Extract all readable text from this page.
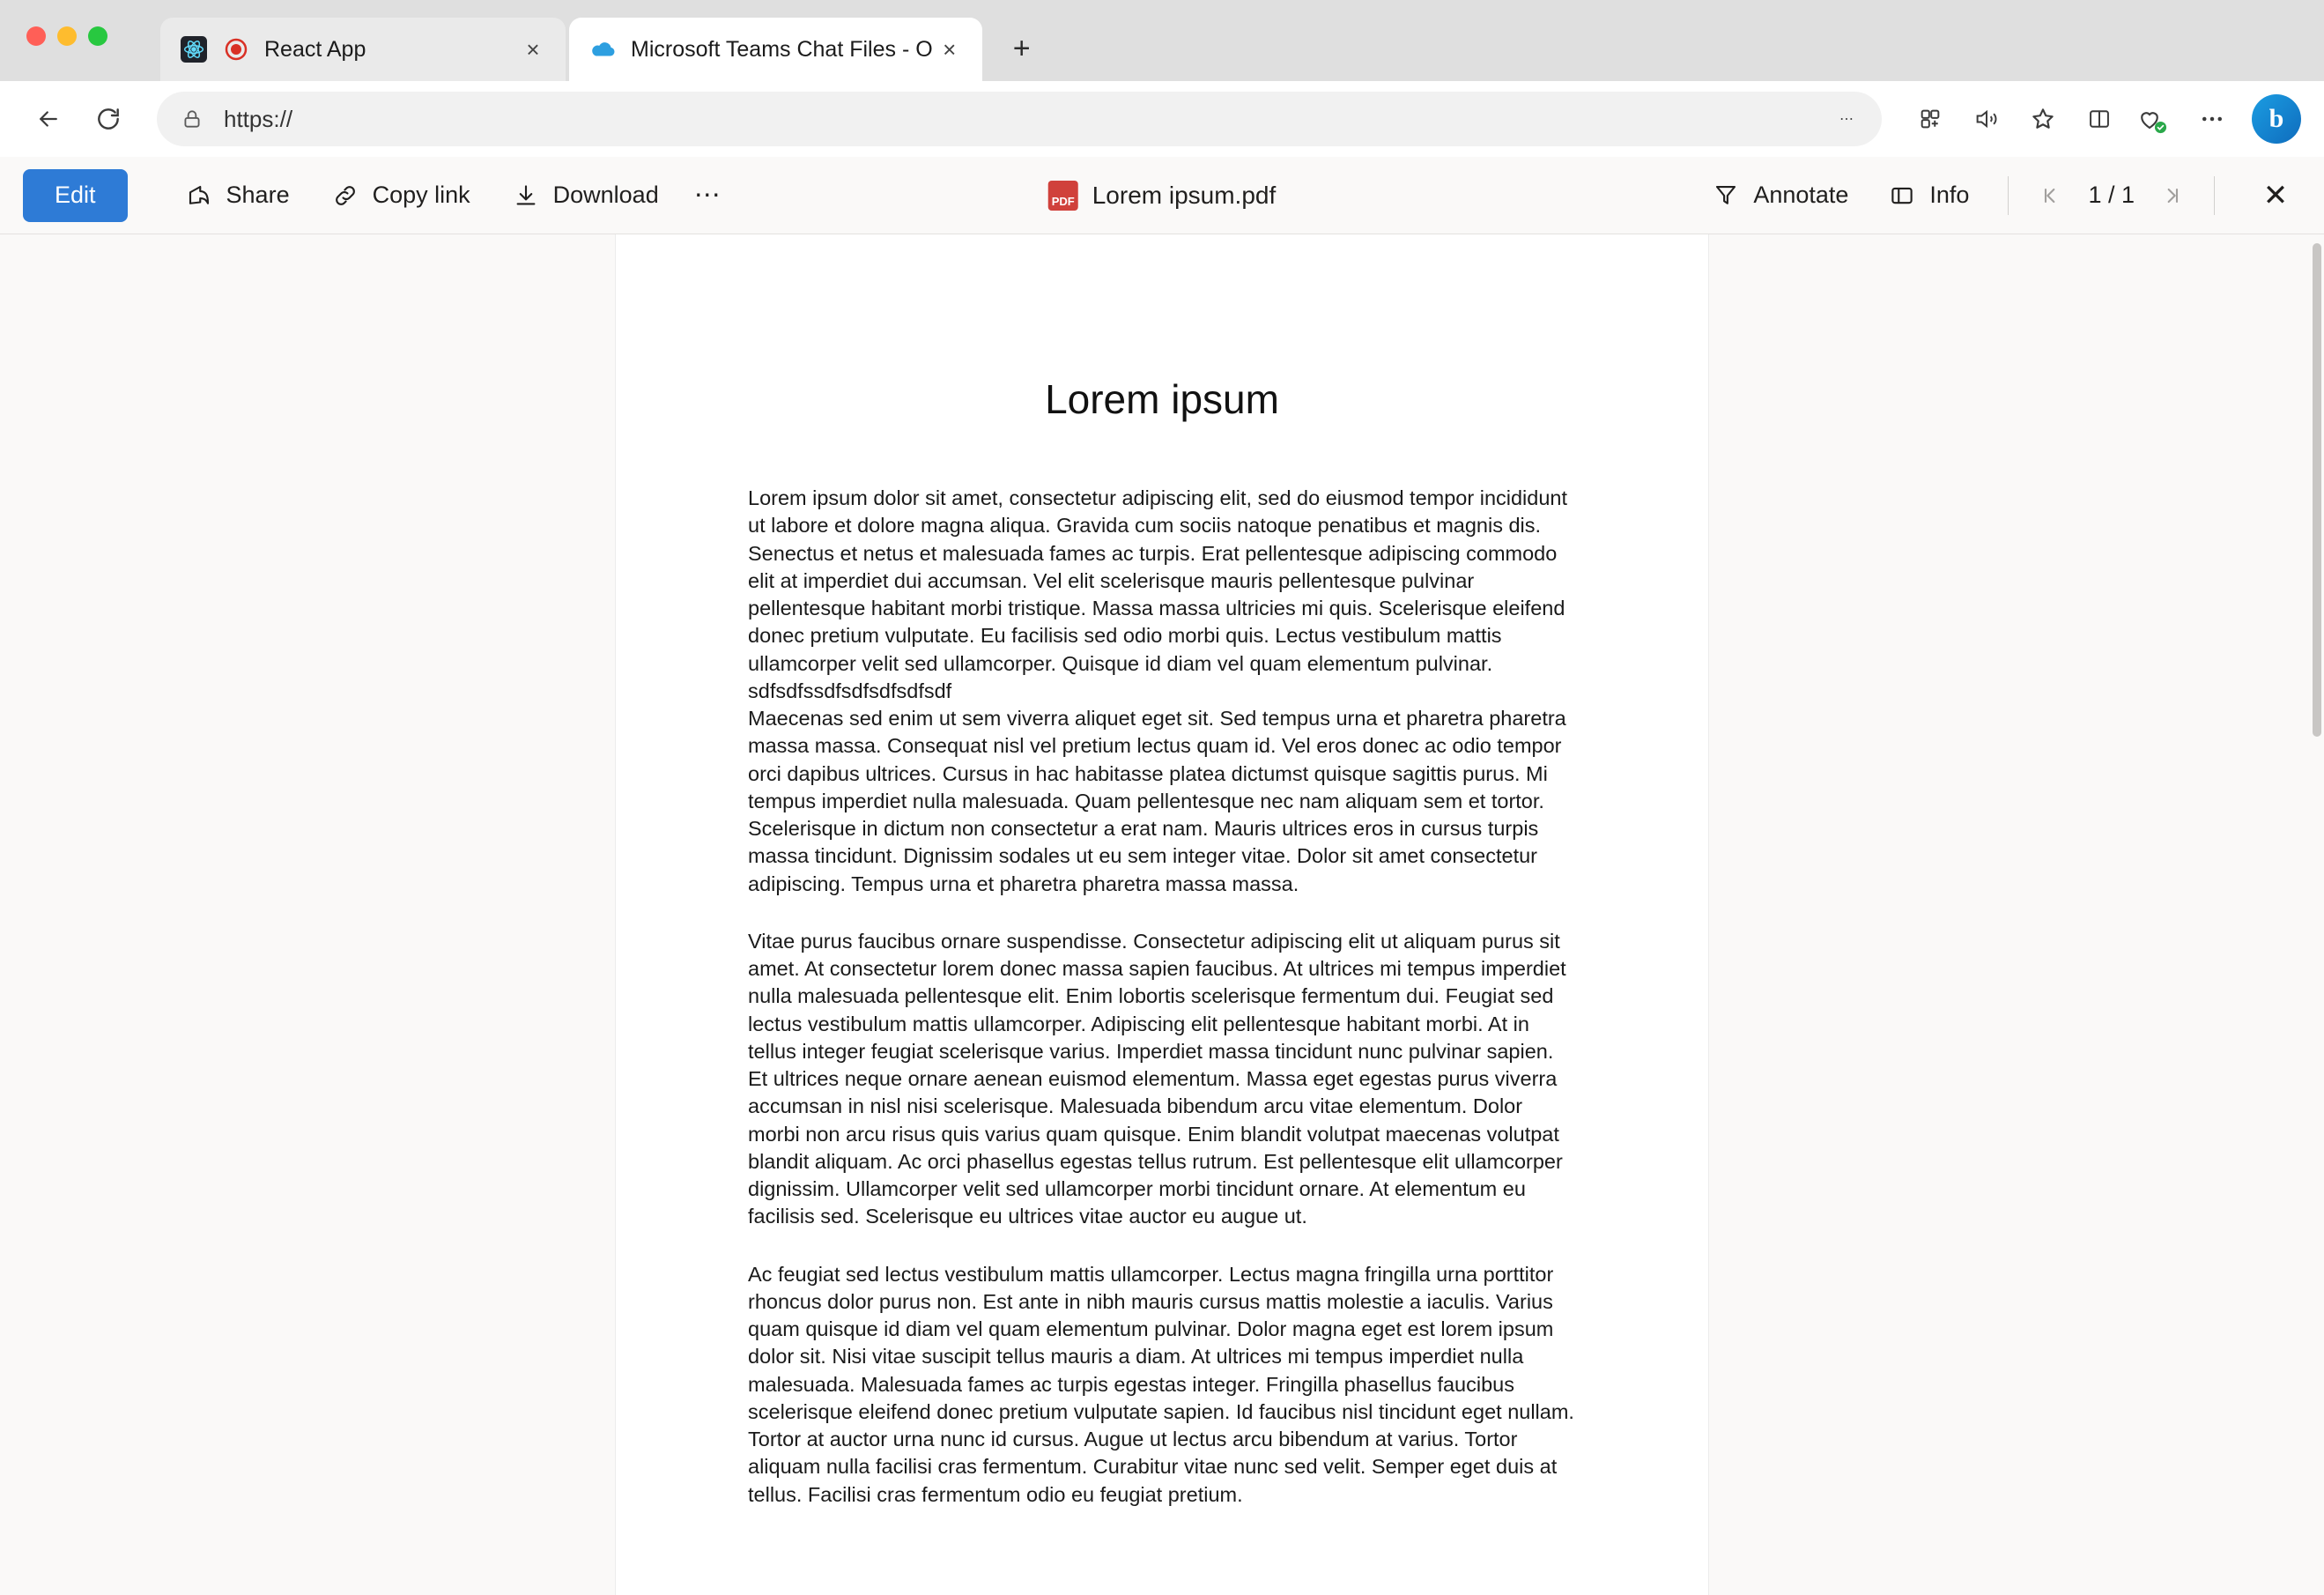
React App	×	Microsoft Teams Chat Files - O ×	+
https://	⋯	b
Edit	Share	Copy link	Download	⋯	PDF Lorem ipsum.pdf	Annotate	Info	1 / 1	✕
Lorem ipsum

Lorem ipsum dolor sit amet, consectetur adipiscing elit, sed do eiusmod tempor incididunt ut labore et dolore magna aliqua. Gravida cum sociis natoque penatibus et magnis dis. Senectus et netus et malesuada fames ac turpis. Erat pellentesque adipiscing commodo elit at imperdiet dui accumsan. Vel elit scelerisque mauris pellentesque pulvinar pellentesque habitant morbi tristique. Massa massa ultricies mi quis. Scelerisque eleifend donec pretium vulputate. Eu facilisis sed odio morbi quis. Lectus vestibulum mattis ullamcorper velit sed ullamcorper. Quisque id diam vel quam elementum pulvinar. sdfsdfssdfsdfsdfsdfsdf

Maecenas sed enim ut sem viverra aliquet eget sit. Sed tempus urna et pharetra pharetra massa massa. Consequat nisl vel pretium lectus quam id. Vel eros donec ac odio tempor orci dapibus ultrices. Cursus in hac habitasse platea dictumst quisque sagittis purus. Mi tempus imperdiet nulla malesuada. Quam pellentesque nec nam aliquam sem et tortor. Scelerisque in dictum non consectetur a erat nam. Mauris ultrices eros in cursus turpis massa tincidunt. Dignissim sodales ut eu sem integer vitae. Dolor sit amet consectetur adipiscing. Tempus urna et pharetra pharetra massa massa.

Vitae purus faucibus ornare suspendisse. Consectetur adipiscing elit ut aliquam purus sit amet. At consectetur lorem donec massa sapien faucibus. At ultrices mi tempus imperdiet nulla malesuada pellentesque elit. Enim lobortis scelerisque fermentum dui. Feugiat sed lectus vestibulum mattis ullamcorper. Adipiscing elit pellentesque habitant morbi. At in tellus integer feugiat scelerisque varius. Imperdiet massa tincidunt nunc pulvinar sapien. Et ultrices neque ornare aenean euismod elementum. Massa eget egestas purus viverra accumsan in nisl nisi scelerisque. Malesuada bibendum arcu vitae elementum. Dolor morbi non arcu risus quis varius quam quisque. Enim blandit volutpat maecenas volutpat blandit aliquam. Ac orci phasellus egestas tellus rutrum. Est pellentesque elit ullamcorper dignissim. Ullamcorper velit sed ullamcorper morbi tincidunt ornare. At elementum eu facilisis sed. Scelerisque eu ultrices vitae auctor eu augue ut.

Ac feugiat sed lectus vestibulum mattis ullamcorper. Lectus magna fringilla urna porttitor rhoncus dolor purus non. Est ante in nibh mauris cursus mattis molestie a iaculis. Varius quam quisque id diam vel quam elementum pulvinar. Dolor magna eget est lorem ipsum dolor sit. Nisi vitae suscipit tellus mauris a diam. At ultrices mi tempus imperdiet nulla malesuada. Malesuada fames ac turpis egestas integer. Fringilla phasellus faucibus scelerisque eleifend donec pretium vulputate sapien. Id faucibus nisl tincidunt eget nullam. Tortor at auctor urna nunc id cursus. Augue ut lectus arcu bibendum at varius. Tortor aliquam nulla facilisi cras fermentum. Curabitur vitae nunc sed velit. Semper eget duis at tellus. Facilisi cras fermentum odio eu feugiat pretium.
